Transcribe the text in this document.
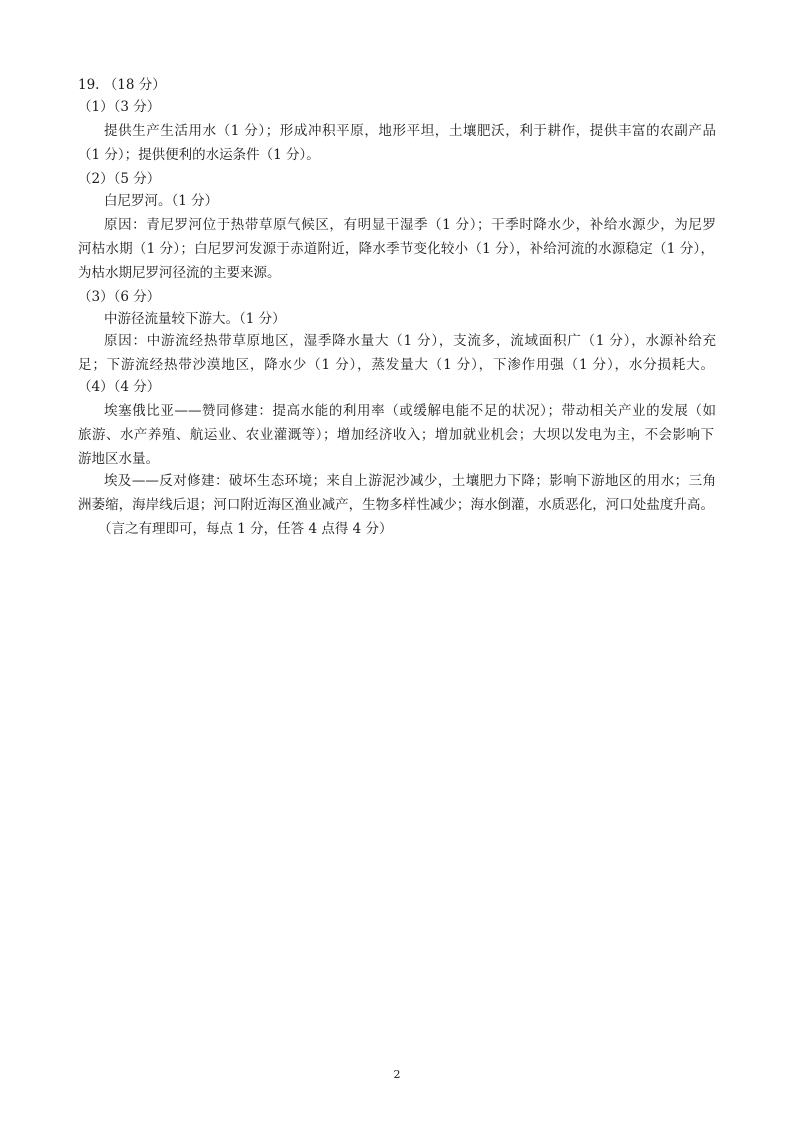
19. （18 分）
（1）（3 分）
提供生产生活用水（1 分）；形成冲积平原，地形平坦，土壤肥沃，利于耕作，提供丰富的农副产品
（1 分）；提供便利的水运条件（1 分）。
（2）（5 分）
白尼罗河。（1 分）
原因：青尼罗河位于热带草原气候区，有明显干湿季（1 分）；干季时降水少，补给水源少，为尼罗
河枯水期（1 分）；白尼罗河发源于赤道附近，降水季节变化较小（1 分），补给河流的水源稳定（1 分），
为枯水期尼罗河径流的主要来源。
（3）（6 分）
中游径流量较下游大。（1 分）
原因：中游流经热带草原地区，湿季降水量大（1 分），支流多，流域面积广（1 分），水源补给充
足；下游流经热带沙漠地区，降水少（1 分），蒸发量大（1 分），下渗作用强（1 分），水分损耗大。
（4）（4 分）
埃塞俄比亚——赞同修建：提高水能的利用率（或缓解电能不足的状况）；带动相关产业的发展（如
旅游、水产养殖、航运业、农业灌溉等）；增加经济收入；增加就业机会；大坝以发电为主，不会影响下
游地区水量。
埃及——反对修建：破坏生态环境；来自上游泥沙减少，土壤肥力下降；影响下游地区的用水；三角
洲萎缩，海岸线后退；河口附近海区渔业减产，生物多样性减少；海水倒灌，水质恶化，河口处盐度升高。
（言之有理即可，每点 1 分，任答 4 点得 4 分）
2
